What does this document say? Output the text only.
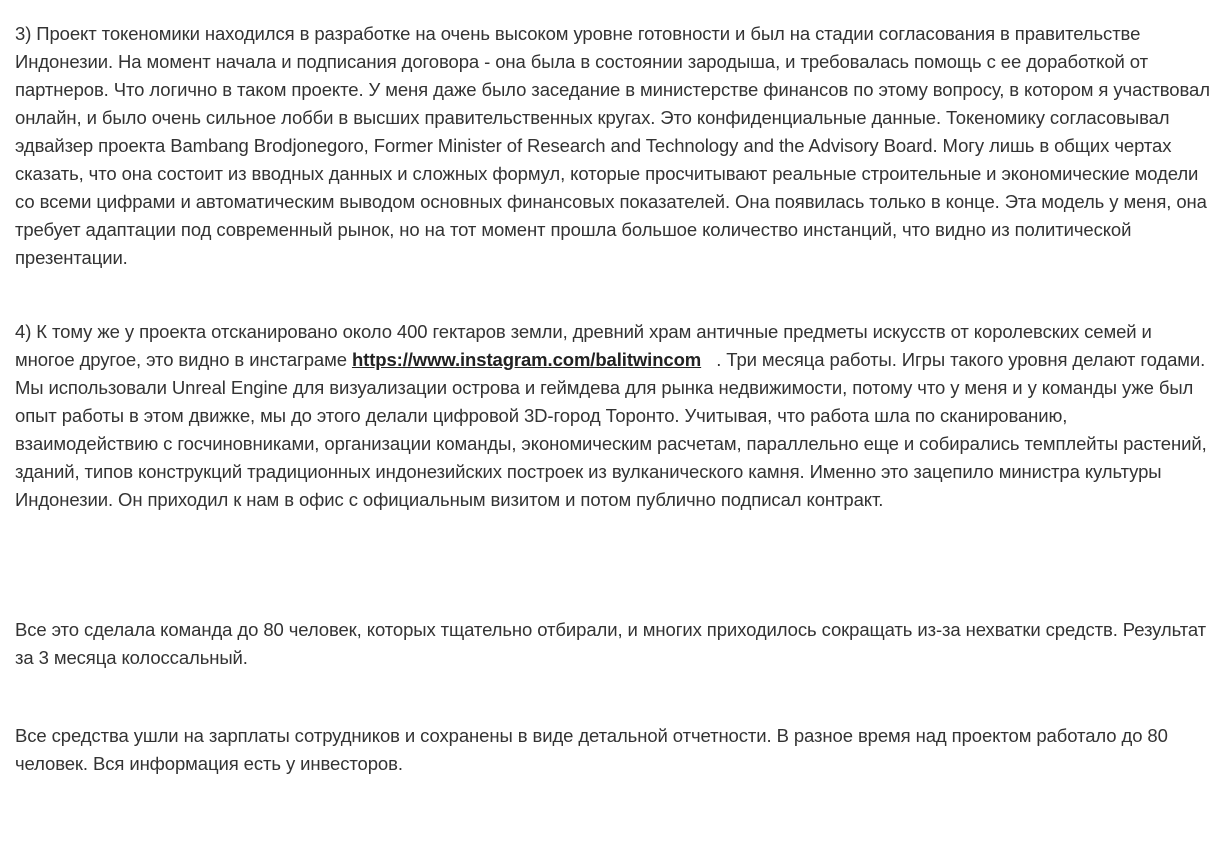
3) Проект токеномики находился в разработке на очень высоком уровне готовности и был на стадии согласования в правительстве Индонезии. На момент начала и подписания договора - она была в состоянии зародыша, и требовалась помощь с ее доработкой от партнеров. Что логично в таком проекте. У меня даже было заседание в министерстве финансов по этому вопросу, в котором я участвовал онлайн, и было очень сильное лобби в высших правительственных кругах. Это конфиденциальные данные. Токеномику согласовывал эдвайзер проекта Bambang Brodjonegoro, Former Minister of Research and Technology and the Advisory Board. Могу лишь в общих чертах сказать, что она состоит из вводных данных и сложных формул, которые просчитывают реальные строительные и экономические модели со всеми цифрами и автоматическим выводом основных финансовых показателей. Она появилась только в конце. Эта модель у меня, она требует адаптации под современный рынок, но на тот момент прошла большое количество инстанций, что видно из политической презентации.

4) К тому же у проекта отсканировано около 400 гектаров земли, древний храм античные предметы искусств от королевских семей и многое другое, это видно в инстаграме https://www.instagram.com/balitwincom . Три месяца работы. Игры такого уровня делают годами. Мы использовали Unreal Engine для визуализации острова и геймдева для рынка недвижимости, потому что у меня и у команды уже был опыт работы в этом движке, мы до этого делали цифровой 3D-город Торонто. Учитывая, что работа шла по сканированию, взаимодействию с госчиновниками, организации команды, экономическим расчетам, параллельно еще и собирались темплейты растений, зданий, типов конструкций традиционных индонезийских построек из вулканического камня. Именно это зацепило министра культуры Индонезии. Он приходил к нам в офис с официальным визитом и потом публично подписал контракт.

Все это сделала команда до 80 человек, которых тщательно отбирали, и многих приходилось сокращать из-за нехватки средств. Результат за 3 месяца колоссальный.

Все средства ушли на зарплаты сотрудников и сохранены в виде детальной отчетности. В разное время над проектом работало до 80 человек. Вся информация есть у инвесторов.
